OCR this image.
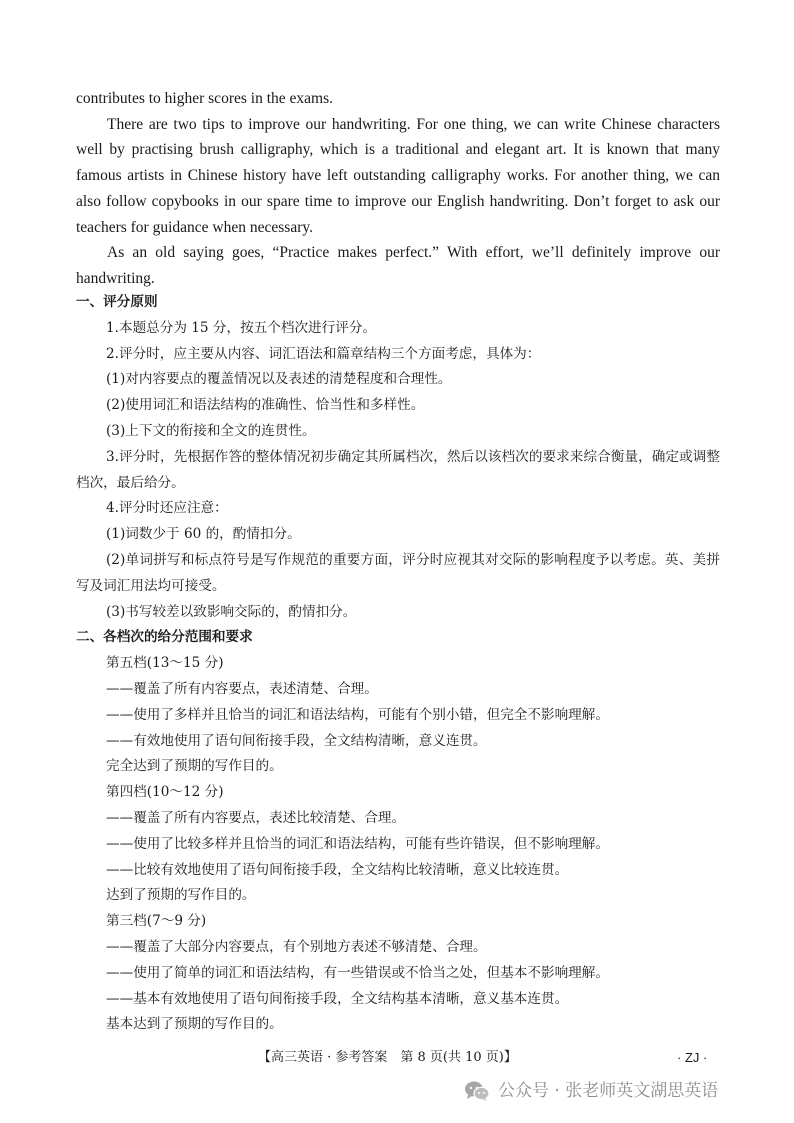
contributes to higher scores in the exams.

There are two tips to improve our handwriting. For one thing, we can write Chinese characters well by practising brush calligraphy, which is a traditional and elegant art. It is known that many famous artists in Chinese history have left outstanding calligraphy works. For another thing, we can also follow copybooks in our spare time to improve our English handwriting. Don’t forget to ask our teachers for guidance when necessary.

As an old saying goes, “Practice makes perfect.” With effort, we’ll definitely improve our handwriting.

一、评分原则

1.本题总分为 15 分，按五个档次进行评分。

2.评分时，应主要从内容、词汇语法和篇章结构三个方面考虑，具体为：

(1)对内容要点的覆盖情况以及表述的清楚程度和合理性。

(2)使用词汇和语法结构的准确性、恰当性和多样性。

(3)上下文的衔接和全文的连贯性。

3.评分时，先根据作答的整体情况初步确定其所属档次，然后以该档次的要求来综合衡量，确定或调整档次，最后给分。

4.评分时还应注意：

(1)词数少于 60 的，酌情扣分。

(2)单词拼写和标点符号是写作规范的重要方面，评分时应视其对交际的影响程度予以考虑。英、美拼写及词汇用法均可接受。

(3)书写较差以致影响交际的，酌情扣分。

二、各档次的给分范围和要求

第五档(13～15 分)

——覆盖了所有内容要点，表述清楚、合理。

——使用了多样并且恰当的词汇和语法结构，可能有个别小错，但完全不影响理解。

——有效地使用了语句间衔接手段，全文结构清晰，意义连贯。

完全达到了预期的写作目的。

第四档(10～12 分)

——覆盖了所有内容要点，表述比较清楚、合理。

——使用了比较多样并且恰当的词汇和语法结构，可能有些许错误，但不影响理解。

——比较有效地使用了语句间衔接手段，全文结构比较清晰，意义比较连贯。

达到了预期的写作目的。

第三档(7～9 分)

——覆盖了大部分内容要点，有个别地方表述不够清楚、合理。

——使用了简单的词汇和语法结构，有一些错误或不恰当之处，但基本不影响理解。

——基本有效地使用了语句间衔接手段，全文结构基本清晰，意义基本连贯。

基本达到了预期的写作目的。

【高三英语 · 参考答案　第 8 页(共 10 页)】	· ZJ ·
公众号 · 张老师英文湖思英语
